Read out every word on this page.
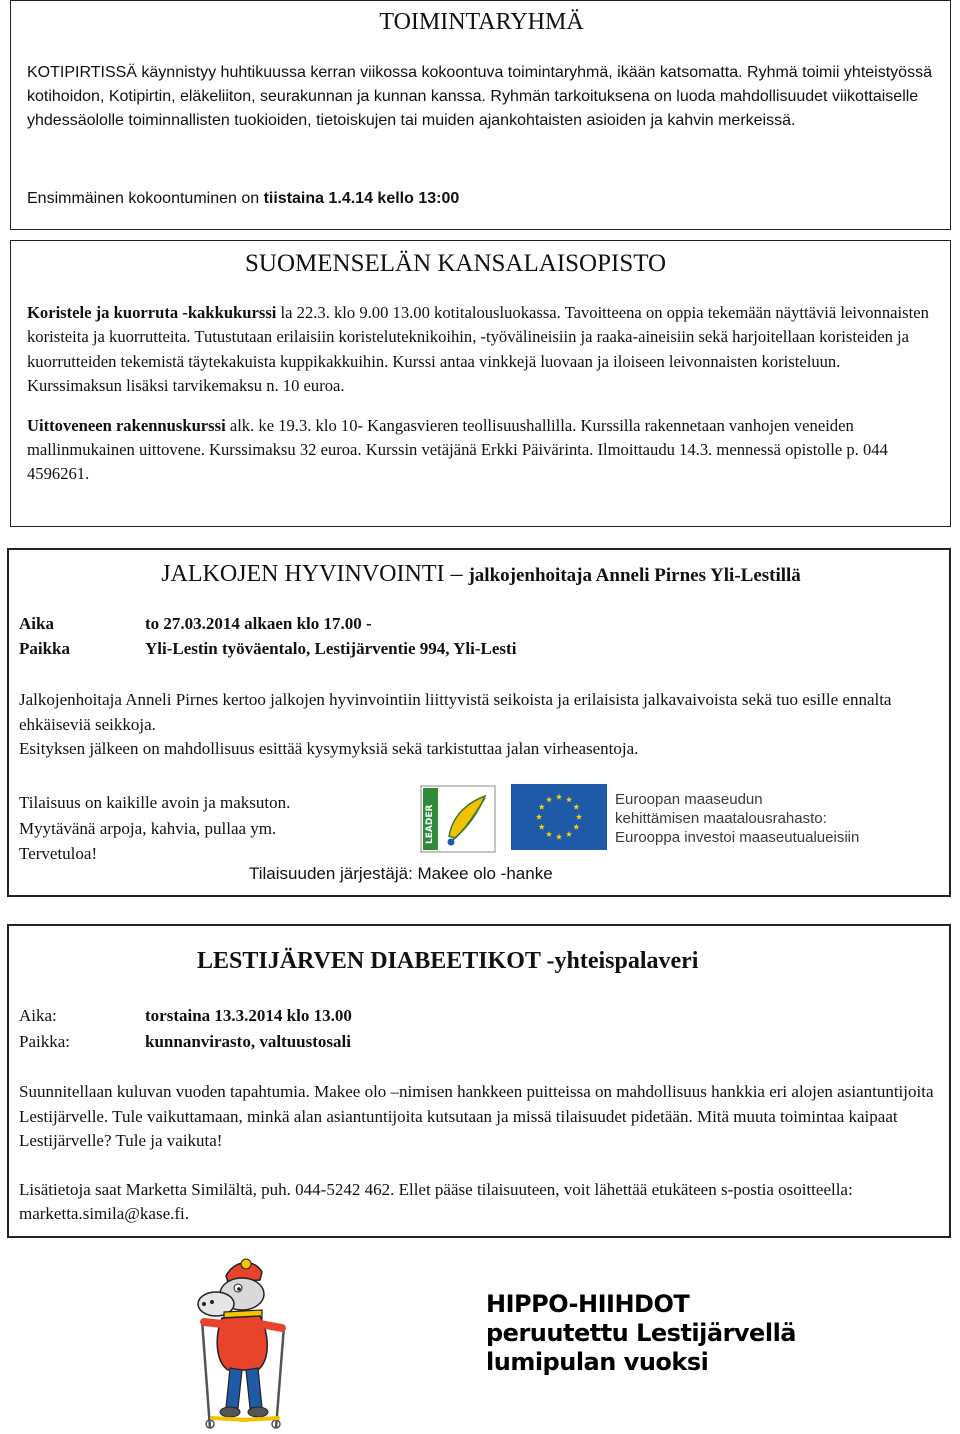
TOIMINTARYHMÄ
KOTIPIRTISSÄ käynnistyy huhtikuussa kerran viikossa kokoontuva toimintaryhmä, ikään katsomatta. Ryhmä toimii yhteistyössä kotihoidon, Kotipirtin, eläkeliiton, seurakunnan ja kunnan kanssa. Ryhmän tarkoituksena on luoda mahdollisuudet viikottaiselle yhdessäololle toiminnallisten tuokioiden, tietoiskujen tai muiden ajankohtaisten asioiden ja kahvin merkeissä.
Ensimmäinen kokoontuminen on tiistaina 1.4.14 kello 13:00
SUOMENSELÄN KANSALAISOPISTO

Koristele ja kuorruta -kakkukurssi la 22.3. klo 9.00 13.00 kotitalousluokassa. Tavoitteena on oppia tekemään näyttäviä leivonnaisten koristeita ja kuorrutteita. Tutustutaan erilaisiin koristeluteknikoihin, -työvälineisiin ja raaka-aineisiin sekä harjoitellaan koristeiden ja kuorrutteiden tekemistä täytekakuista kuppikakkuihin. Kurssi antaa vinkkejä luovaan ja iloiseen leivonnaisten koristeluun. Kurssimaksun lisäksi tarvikemaksu n. 10 euroa.

Uittoveneen rakennuskurssi alk. ke 19.3. klo 10- Kangasvieren teollisuushallilla. Kurssilla rakennetaan vanhojen veneiden mallinmukainen uittovene. Kurssimaksu 32 euroa. Kurssin vetäjänä Erkki Päivärinta. Ilmoittaudu 14.3. mennessä opistolle p. 044 4596261.

JALKOJEN HYVINVOINTI – jalkojenhoitaja Anneli Pirnes Yli-Lestillä
Aika	to 27.03.2014 alkaen klo 17.00 -
Paikka	Yli-Lestin työväentalo, Lestijärventie 994, Yli-Lesti
Jalkojenhoitaja Anneli Pirnes kertoo jalkojen hyvinvointiin liittyvistä seikoista ja erilaisista jalkavaivoista sekä tuo esille ennalta ehkäiseviä seikkoja.
Esityksen jälkeen on mahdollisuus esittää kysymyksiä sekä tarkistuttaa jalan virheasentoja.
Tilaisuus on kaikille avoin ja maksuton.
Myytävänä arpoja, kahvia, pullaa ym.
Tervetuloa!
LEADER
Euroopan maaseudun
kehittämisen maatalousrahasto:
Eurooppa investoi maaseutualueisiin
Tilaisuuden järjestäjä: Makee olo -hanke
LESTIJÄRVEN DIABEETIKOT -yhteispalaveri
Aika:	torstaina 13.3.2014 klo 13.00
Paikka:	kunnanvirasto, valtuustosali

Suunnitellaan kuluvan vuoden tapahtumia. Makee olo –nimisen hankkeen puitteissa on mahdollisuus hankkia eri alojen asiantuntijoita Lestijärvelle. Tule vaikuttamaan, minkä alan asiantuntijoita kutsutaan ja missä tilaisuudet pidetään. Mitä muuta toimintaa kaipaat Lestijärvelle? Tule ja vaikuta!

Lisätietoja saat Marketta Similältä, puh. 044-5242 462. Ellet pääse tilaisuuteen, voit lähettää etukäteen s-postia osoitteella: marketta.simila@kase.fi.

HIPPO-HIIHDOT
peruutettu Lestijärvellä
lumipulan vuoksi
